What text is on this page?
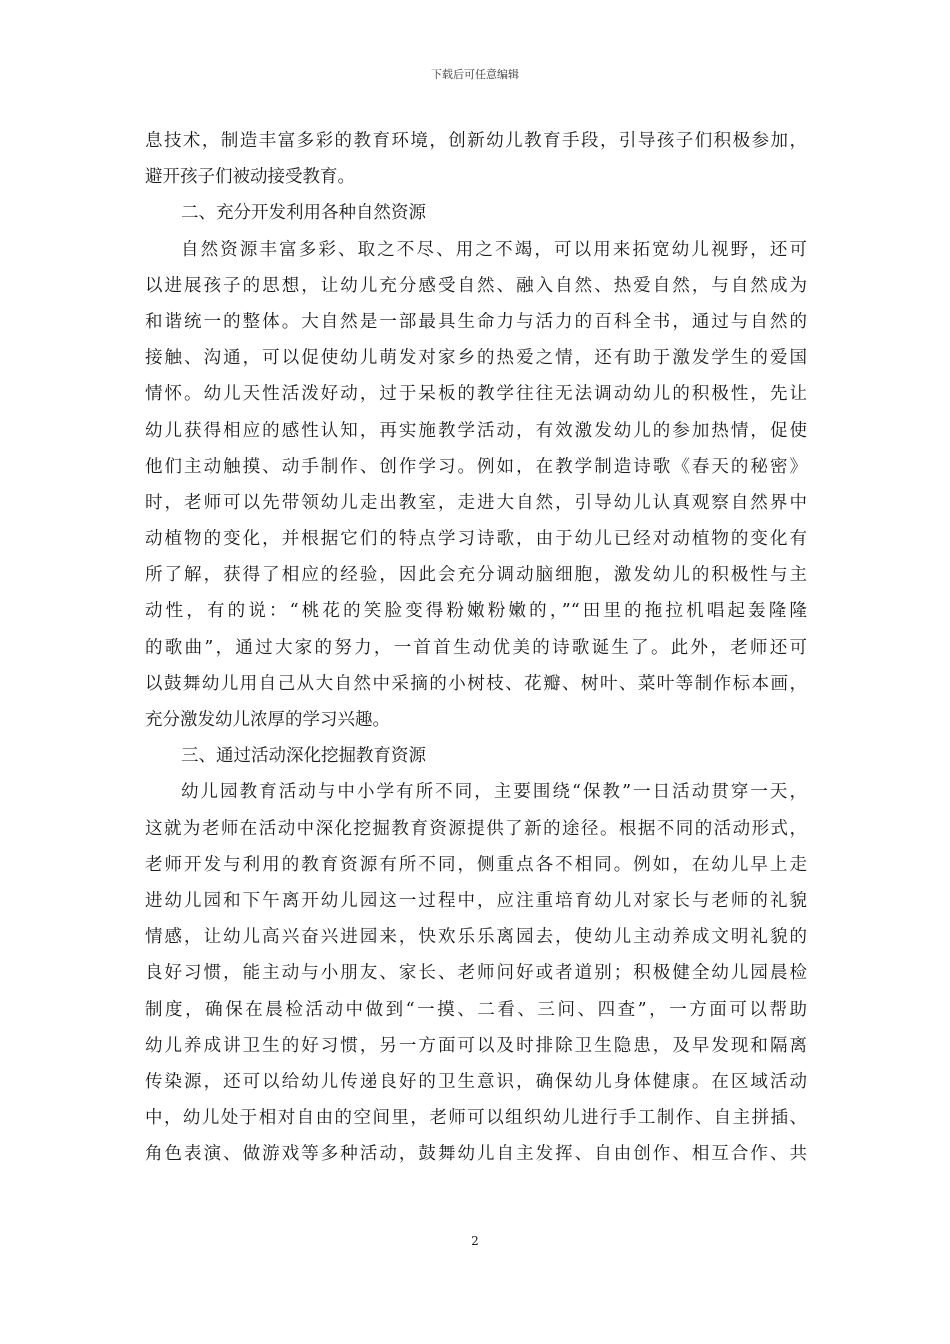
下载后可任意编辑
息技术，制造丰富多彩的教育环境，创新幼儿教育手段，引导孩子们积极参加，
避开孩子们被动接受教育。
二、充分开发利用各种自然资源
自然资源丰富多彩、取之不尽、用之不竭，可以用来拓宽幼儿视野，还可
以进展孩子的思想，让幼儿充分感受自然、融入自然、热爱自然，与自然成为
和谐统一的整体。大自然是一部最具生命力与活力的百科全书，通过与自然的
接触、沟通，可以促使幼儿萌发对家乡的热爱之情，还有助于激发学生的爱国
情怀。幼儿天性活泼好动，过于呆板的教学往往无法调动幼儿的积极性，先让
幼儿获得相应的感性认知，再实施教学活动，有效激发幼儿的参加热情，促使
他们主动触摸、动手制作、创作学习。例如，在教学制造诗歌《春天的秘密》
时，老师可以先带领幼儿走出教室，走进大自然，引导幼儿认真观察自然界中
动植物的变化，并根据它们的特点学习诗歌，由于幼儿已经对动植物的变化有
所了解，获得了相应的经验，因此会充分调动脑细胞，激发幼儿的积极性与主
动性，有的说：“桃花的笑脸变得粉嫩粉嫩的，”“田里的拖拉机唱起轰隆隆
的歌曲”，通过大家的努力，一首首生动优美的诗歌诞生了。此外，老师还可
以鼓舞幼儿用自己从大自然中采摘的小树枝、花瓣、树叶、菜叶等制作标本画，
充分激发幼儿浓厚的学习兴趣。
三、通过活动深化挖掘教育资源
幼儿园教育活动与中小学有所不同，主要围绕“保教”一日活动贯穿一天，
这就为老师在活动中深化挖掘教育资源提供了新的途径。根据不同的活动形式，
老师开发与利用的教育资源有所不同，侧重点各不相同。例如，在幼儿早上走
进幼儿园和下午离开幼儿园这一过程中，应注重培育幼儿对家长与老师的礼貌
情感，让幼儿高兴奋兴进园来，快欢乐乐离园去，使幼儿主动养成文明礼貌的
良好习惯，能主动与小朋友、家长、老师问好或者道别；积极健全幼儿园晨检
制度，确保在晨检活动中做到“一摸、二看、三问、四查”，一方面可以帮助
幼儿养成讲卫生的好习惯，另一方面可以及时排除卫生隐患，及早发现和隔离
传染源，还可以给幼儿传递良好的卫生意识，确保幼儿身体健康。在区域活动
中，幼儿处于相对自由的空间里，老师可以组织幼儿进行手工制作、自主拼插、
角色表演、做游戏等多种活动，鼓舞幼儿自主发挥、自由创作、相互合作、共
2
